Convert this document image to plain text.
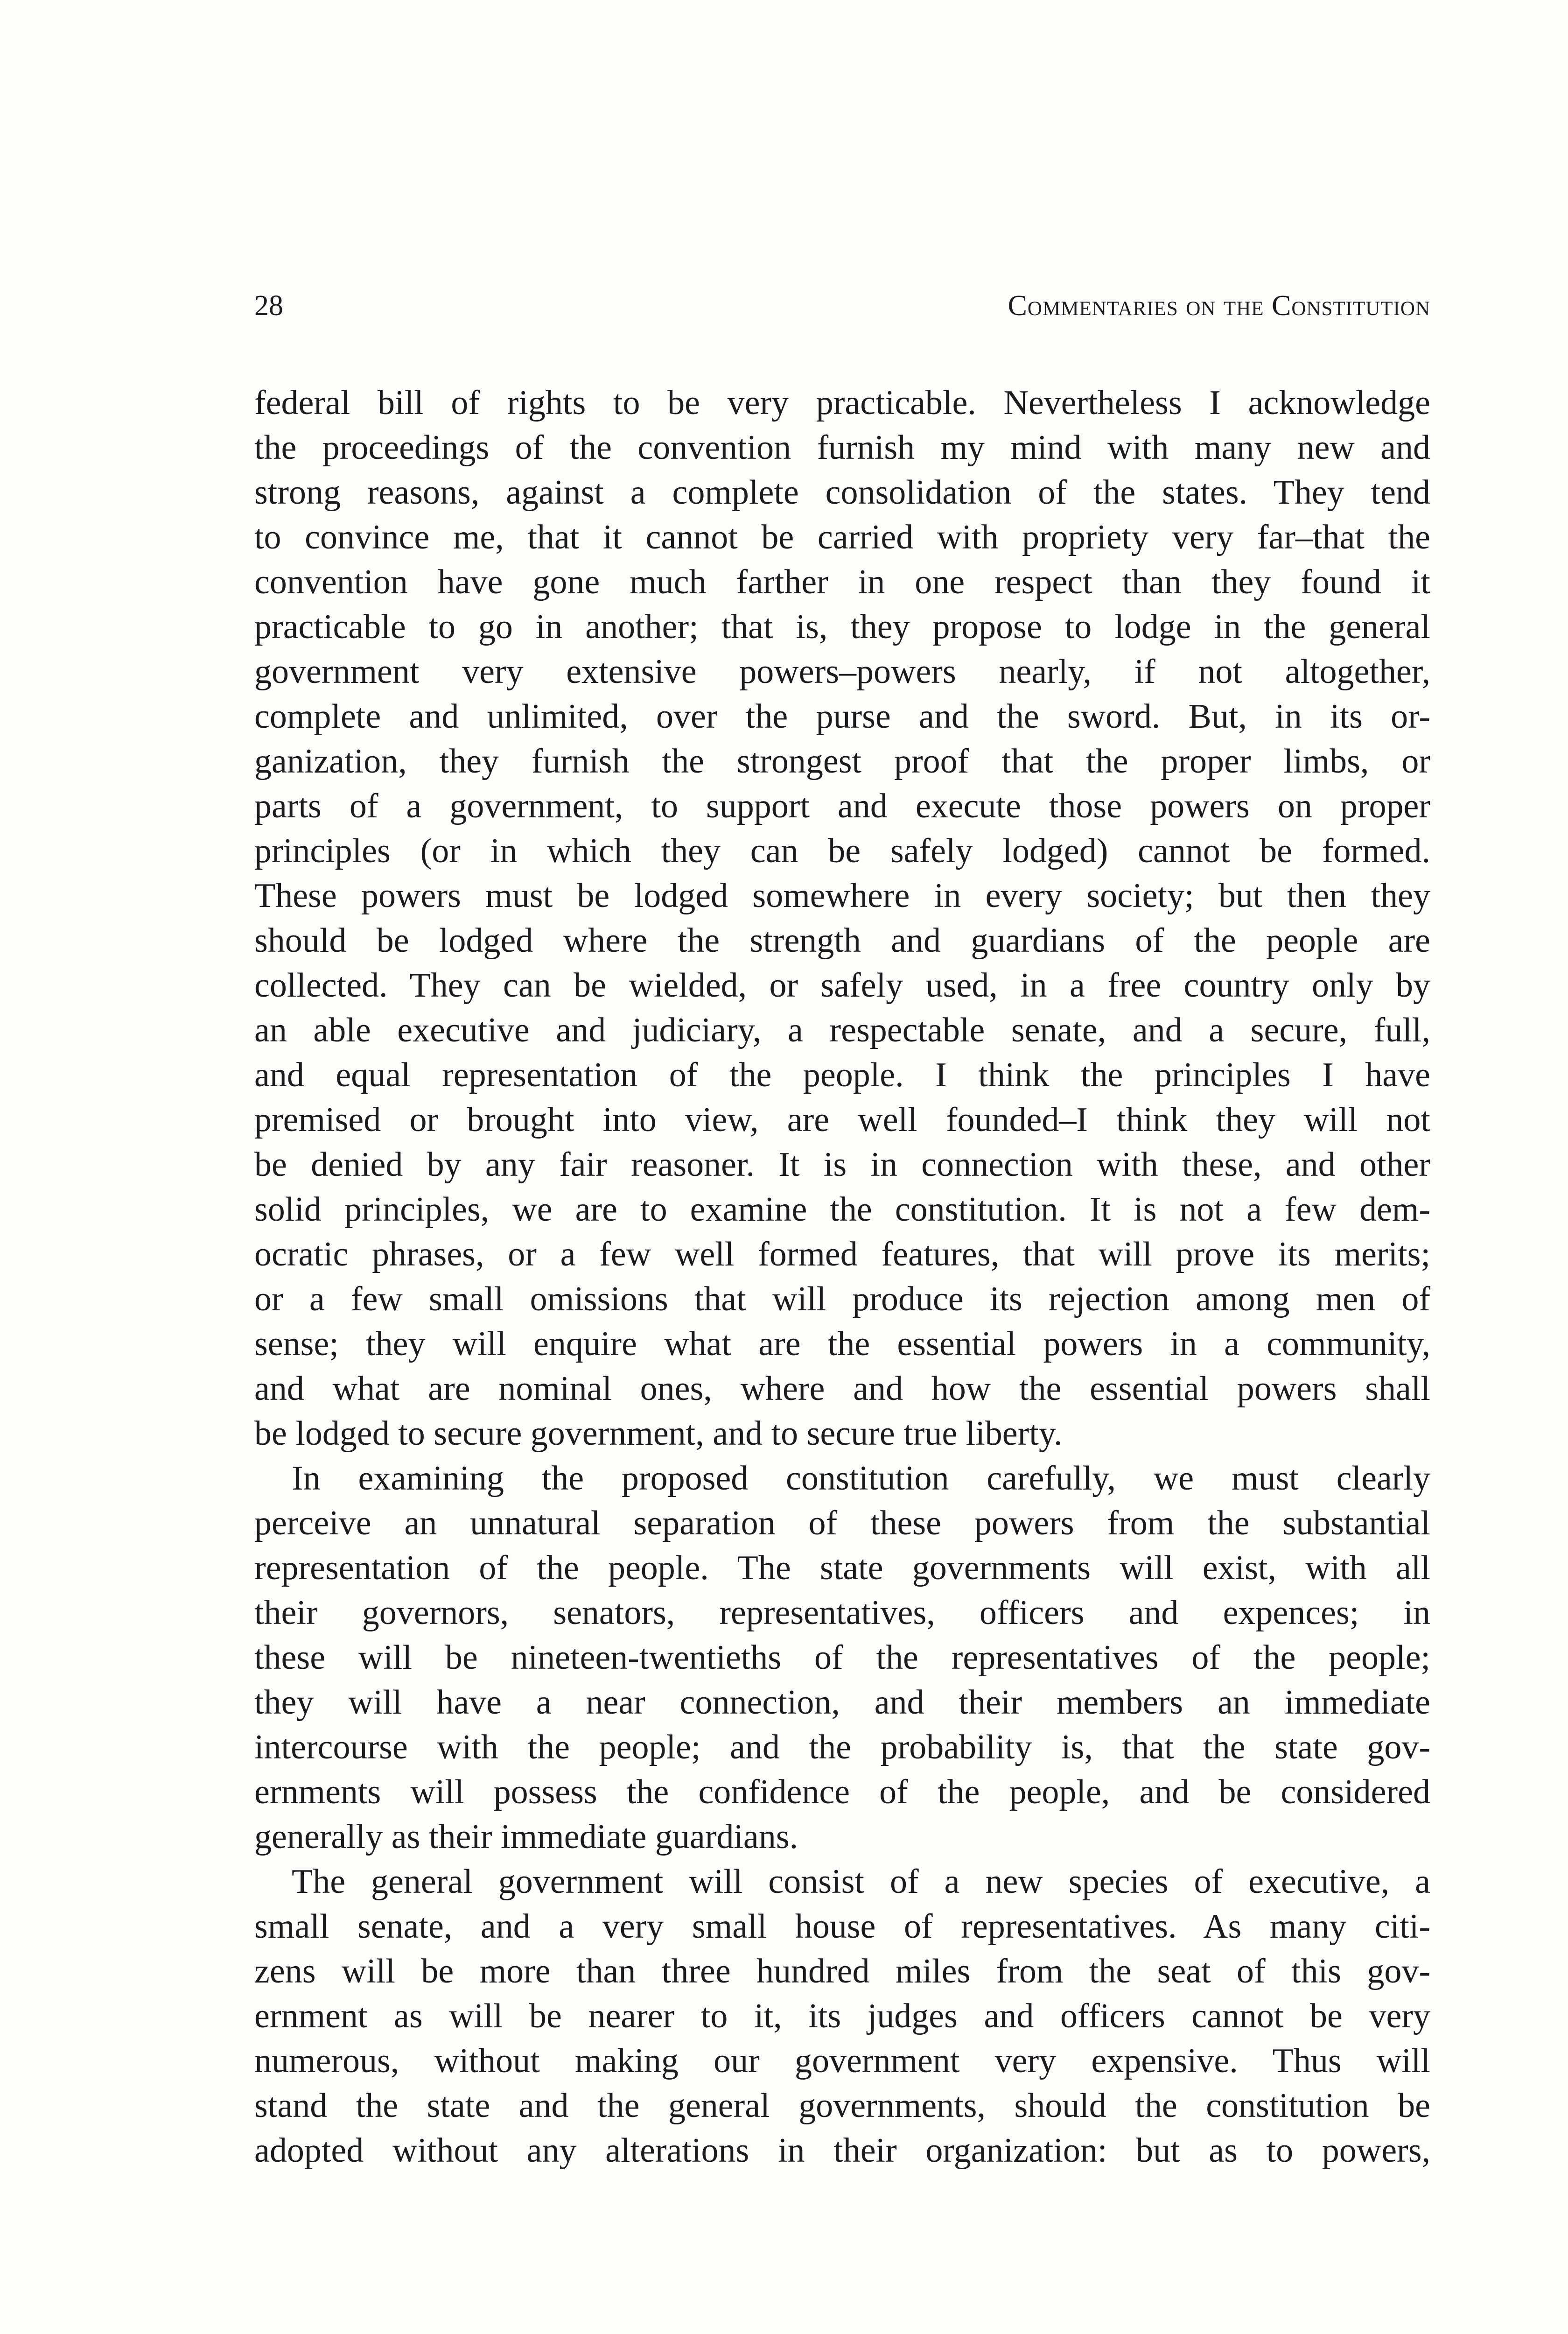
28	Commentaries on the Constitution
federal bill of rights to be very practicable. Nevertheless I acknowledge
the proceedings of the convention furnish my mind with many new and
strong reasons, against a complete consolidation of the states. They tend
to convince me, that it cannot be carried with propriety very far–that the
convention have gone much farther in one respect than they found it
practicable to go in another; that is, they propose to lodge in the general
government very extensive powers–powers nearly, if not altogether,
complete and unlimited, over the purse and the sword. But, in its or-
ganization, they furnish the strongest proof that the proper limbs, or
parts of a government, to support and execute those powers on proper
principles (or in which they can be safely lodged) cannot be formed.
These powers must be lodged somewhere in every society; but then they
should be lodged where the strength and guardians of the people are
collected. They can be wielded, or safely used, in a free country only by
an able executive and judiciary, a respectable senate, and a secure, full,
and equal representation of the people. I think the principles I have
premised or brought into view, are well founded–I think they will not
be denied by any fair reasoner. It is in connection with these, and other
solid principles, we are to examine the constitution. It is not a few dem-
ocratic phrases, or a few well formed features, that will prove its merits;
or a few small omissions that will produce its rejection among men of
sense; they will enquire what are the essential powers in a community,
and what are nominal ones, where and how the essential powers shall
be lodged to secure government, and to secure true liberty.
In examining the proposed constitution carefully, we must clearly
perceive an unnatural separation of these powers from the substantial
representation of the people. The state governments will exist, with all
their governors, senators, representatives, officers and expences; in
these will be nineteen-twentieths of the representatives of the people;
they will have a near connection, and their members an immediate
intercourse with the people; and the probability is, that the state gov-
ernments will possess the confidence of the people, and be considered
generally as their immediate guardians.
The general government will consist of a new species of executive, a
small senate, and a very small house of representatives. As many citi-
zens will be more than three hundred miles from the seat of this gov-
ernment as will be nearer to it, its judges and officers cannot be very
numerous, without making our government very expensive. Thus will
stand the state and the general governments, should the constitution be
adopted without any alterations in their organization: but as to powers,
